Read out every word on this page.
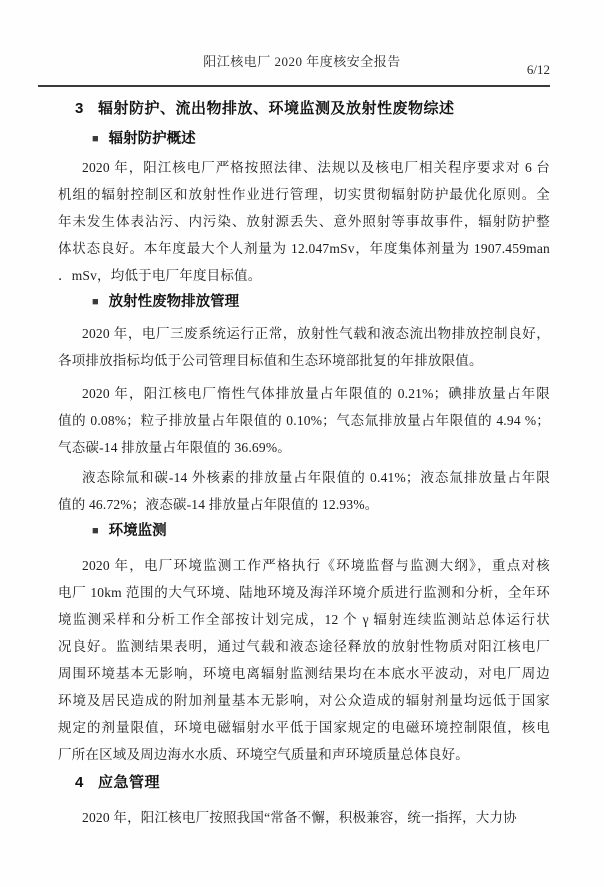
阳江核电厂 2020 年度核安全报告
6/12
3 辐射防护、流出物排放、环境监测及放射性废物综述
■ 辐射防护概述
2020 年，阳江核电厂严格按照法律、法规以及核电厂相关程序要求对 6 台
机组的辐射控制区和放射性作业进行管理，切实贯彻辐射防护最优化原则。全
年未发生体表沾污、内污染、放射源丢失、意外照射等事故事件，辐射防护整
体状态良好。本年度最大个人剂量为 12.047mSv，年度集体剂量为 1907.459man
．mSv，均低于电厂年度目标值。
■ 放射性废物排放管理
2020 年，电厂三废系统运行正常，放射性气载和液态流出物排放控制良好，
各项排放指标均低于公司管理目标值和生态环境部批复的年排放限值。
2020 年，阳江核电厂惰性气体排放量占年限值的 0.21%；碘排放量占年限
值的 0.08%；粒子排放量占年限值的 0.10%；气态氚排放量占年限值的 4.94 %；
气态碳-14 排放量占年限值的 36.69%。
液态除氚和碳-14 外核素的排放量占年限值的 0.41%；液态氚排放量占年限
值的 46.72%；液态碳-14 排放量占年限值的 12.93%。
■ 环境监测
2020 年，电厂环境监测工作严格执行《环境监督与监测大纲》，重点对核
电厂 10km 范围的大气环境、陆地环境及海洋环境介质进行监测和分析，全年环
境监测采样和分析工作全部按计划完成，12 个 γ 辐射连续监测站总体运行状
况良好。监测结果表明，通过气载和液态途径释放的放射性物质对阳江核电厂
周围环境基本无影响，环境电离辐射监测结果均在本底水平波动，对电厂周边
环境及居民造成的附加剂量基本无影响，对公众造成的辐射剂量均远低于国家
规定的剂量限值，环境电磁辐射水平低于国家规定的电磁环境控制限值，核电
厂所在区域及周边海水水质、环境空气质量和声环境质量总体良好。
4 应急管理
2020 年，阳江核电厂按照我国“常备不懈，积极兼容，统一指挥，大力协
